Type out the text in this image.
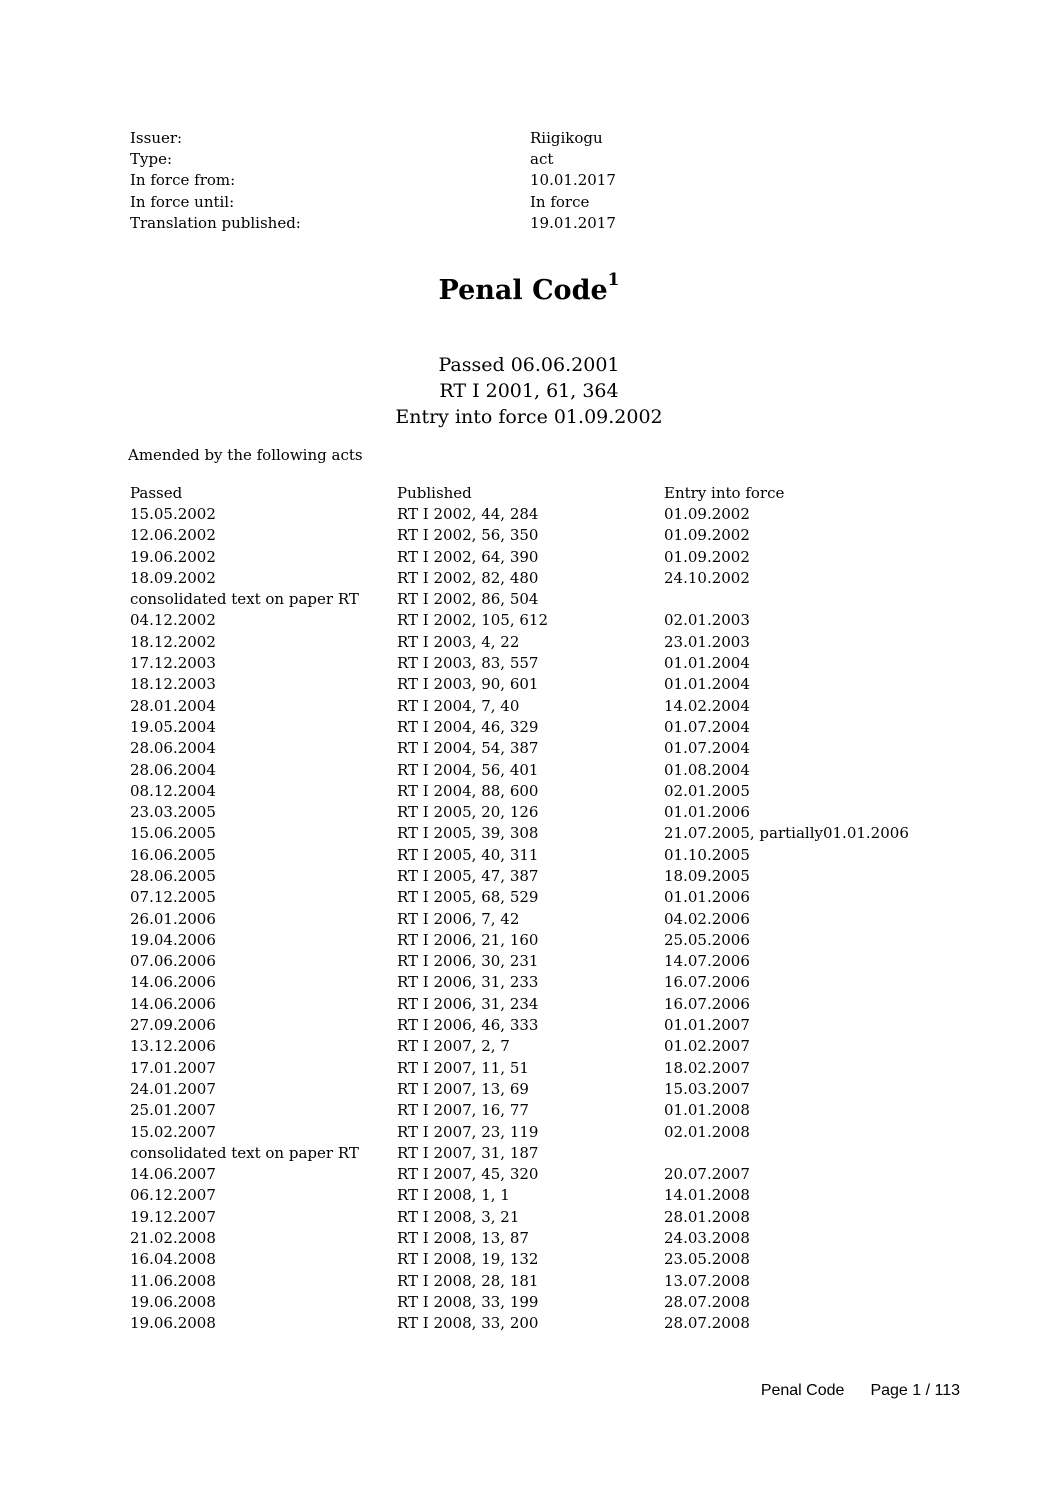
Issuer:	Riigikogu
Type:	act
In force from:	10.01.2017
In force until:	In force
Translation published:	19.01.2017
Penal Code$^1$
Passed 06.06.2001
RT I 2001, 61, 364
Entry into force 01.09.2002
Amended by the following acts
Passed	Published	Entry into force
15.05.2002	RT I 2002, 44, 284	01.09.2002
12.06.2002	RT I 2002, 56, 350	01.09.2002
19.06.2002	RT I 2002, 64, 390	01.09.2002
18.09.2002	RT I 2002, 82, 480	24.10.2002
consolidated text on paper RT	RT I 2002, 86, 504	
04.12.2002	RT I 2002, 105, 612	02.01.2003
18.12.2002	RT I 2003, 4, 22	23.01.2003
17.12.2003	RT I 2003, 83, 557	01.01.2004
18.12.2003	RT I 2003, 90, 601	01.01.2004
28.01.2004	RT I 2004, 7, 40	14.02.2004
19.05.2004	RT I 2004, 46, 329	01.07.2004
28.06.2004	RT I 2004, 54, 387	01.07.2004
28.06.2004	RT I 2004, 56, 401	01.08.2004
08.12.2004	RT I 2004, 88, 600	02.01.2005
23.03.2005	RT I 2005, 20, 126	01.01.2006
15.06.2005	RT I 2005, 39, 308	21.07.2005, partially01.01.2006
16.06.2005	RT I 2005, 40, 311	01.10.2005
28.06.2005	RT I 2005, 47, 387	18.09.2005
07.12.2005	RT I 2005, 68, 529	01.01.2006
26.01.2006	RT I 2006, 7, 42	04.02.2006
19.04.2006	RT I 2006, 21, 160	25.05.2006
07.06.2006	RT I 2006, 30, 231	14.07.2006
14.06.2006	RT I 2006, 31, 233	16.07.2006
14.06.2006	RT I 2006, 31, 234	16.07.2006
27.09.2006	RT I 2006, 46, 333	01.01.2007
13.12.2006	RT I 2007, 2, 7	01.02.2007
17.01.2007	RT I 2007, 11, 51	18.02.2007
24.01.2007	RT I 2007, 13, 69	15.03.2007
25.01.2007	RT I 2007, 16, 77	01.01.2008
15.02.2007	RT I 2007, 23, 119	02.01.2008
consolidated text on paper RT	RT I 2007, 31, 187	
14.06.2007	RT I 2007, 45, 320	20.07.2007
06.12.2007	RT I 2008, 1, 1	14.01.2008
19.12.2007	RT I 2008, 3, 21	28.01.2008
21.02.2008	RT I 2008, 13, 87	24.03.2008
16.04.2008	RT I 2008, 19, 132	23.05.2008
11.06.2008	RT I 2008, 28, 181	13.07.2008
19.06.2008	RT I 2008, 33, 199	28.07.2008
19.06.2008	RT I 2008, 33, 200	28.07.2008
Penal Code Page 1 / 113
